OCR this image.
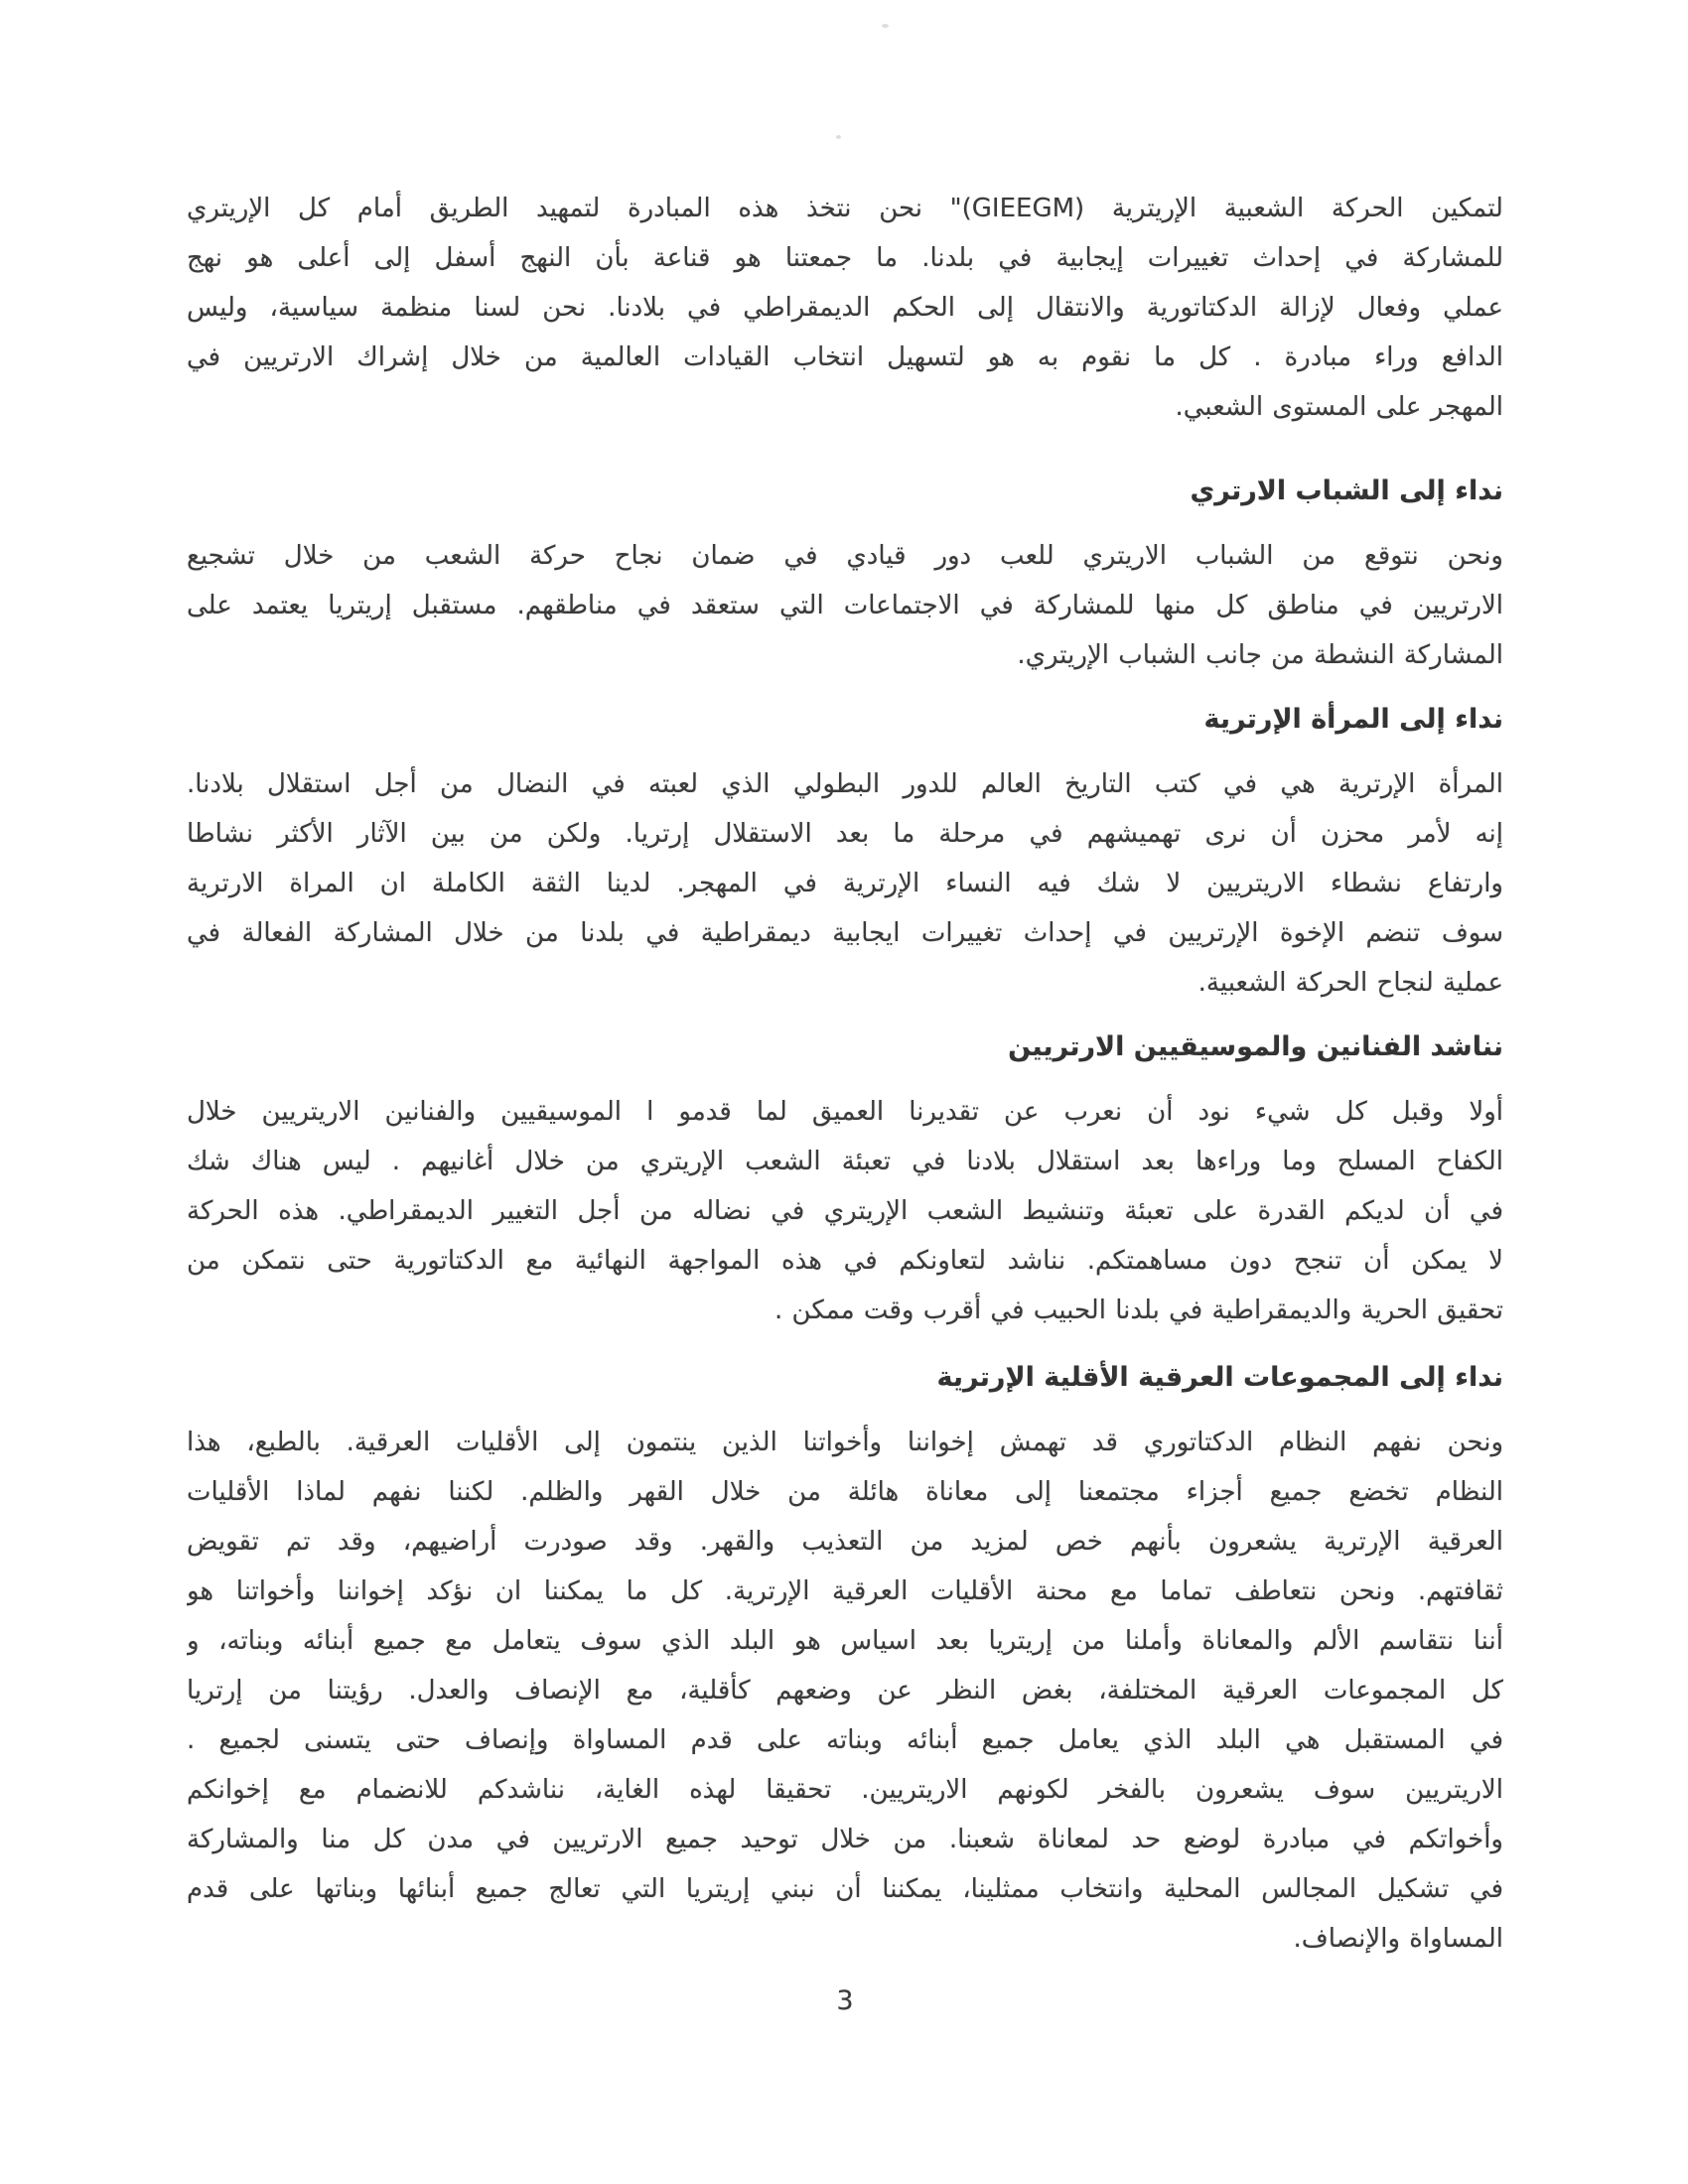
لتمكين الحركة الشعبية الإريترية (GIEEGM)" نحن نتخذ هذه المبادرة لتمهيد الطريق أمام كل الإريتري
للمشاركة في إحداث تغييرات إيجابية في بلدنا. ما جمعتنا هو قناعة بأن النهج أسفل إلى أعلى هو نهج
عملي وفعال لإزالة الدكتاتورية والانتقال إلى الحكم الديمقراطي في بلادنا. نحن لسنا منظمة سياسية، وليس
الدافع وراء مبادرة . كل ما نقوم به هو لتسهيل انتخاب القيادات العالمية من خلال إشراك الارتريين في
المهجر على المستوى الشعبي.
نداء إلى الشباب الارتري
ونحن نتوقع من الشباب الاريتري للعب دور قيادي في ضمان نجاح حركة الشعب من خلال تشجيع
الارتريين في مناطق كل منها للمشاركة في الاجتماعات التي ستعقد في مناطقهم. مستقبل إريتريا يعتمد على
المشاركة النشطة من جانب الشباب الإريتري.
نداء إلى المرأة الإرترية
المرأة الإرترية هي في كتب التاريخ العالم للدور البطولي الذي لعبته في النضال من أجل استقلال بلادنا.
إنه لأمر محزن أن نرى تهميشهم في مرحلة ما بعد الاستقلال إرتريا. ولكن من بين الآثار الأكثر نشاطا
وارتفاع نشطاء الاريتريين لا شك فيه النساء الإرترية في المهجر. لدينا الثقة الكاملة ان المراة الارترية
سوف تنضم الإخوة الإرتريين في إحداث تغييرات ايجابية ديمقراطية في بلدنا من خلال المشاركة الفعالة في
عملية لنجاح الحركة الشعبية.
نناشد الفنانين والموسيقيين الارتريين
أولا وقبل كل شيء نود أن نعرب عن تقديرنا العميق لما قدمو ا الموسيقيين والفنانين الاريتريين خلال
الكفاح المسلح وما وراءها بعد استقلال بلادنا في تعبئة الشعب الإريتري من خلال أغانيهم . ليس هناك شك
في أن لديكم القدرة على تعبئة وتنشيط الشعب الإريتري في نضاله من أجل التغيير الديمقراطي. هذه الحركة
لا يمكن أن تنجح دون مساهمتكم. نناشد لتعاونكم في هذه المواجهة النهائية مع الدكتاتورية حتى نتمكن من
تحقيق الحرية والديمقراطية في بلدنا الحبيب في أقرب وقت ممكن .
نداء إلى المجموعات العرقية الأقلية الإرترية
ونحن نفهم النظام الدكتاتوري قد تهمش إخواننا وأخواتنا الذين ينتمون إلى الأقليات العرقية. بالطبع، هذا
النظام تخضع جميع أجزاء مجتمعنا إلى معاناة هائلة من خلال القهر والظلم. لكننا نفهم لماذا الأقليات
العرقية الإرترية يشعرون بأنهم خص لمزيد من التعذيب والقهر. وقد صودرت أراضيهم، وقد تم تقويض
ثقافتهم. ونحن نتعاطف تماما مع محنة الأقليات العرقية الإرترية. كل ما يمكننا ان نؤكد إخواننا وأخواتنا هو
أننا نتقاسم الألم والمعاناة وأملنا من إريتريا بعد اسياس هو البلد الذي سوف يتعامل مع جميع أبنائه وبناته، و
كل المجموعات العرقية المختلفة، بغض النظر عن وضعهم كأقلية، مع الإنصاف والعدل. رؤيتنا من إرتريا
في المستقبل هي البلد الذي يعامل جميع أبنائه وبناته على قدم المساواة وإنصاف حتى يتسنى لجميع .
الاريتريين سوف يشعرون بالفخر لكونهم الاريتريين. تحقيقا لهذه الغاية، نناشدكم للانضمام مع إخوانكم
وأخواتكم في مبادرة لوضع حد لمعاناة شعبنا. من خلال توحيد جميع الارتريين في مدن كل منا والمشاركة
في تشكيل المجالس المحلية وانتخاب ممثلينا، يمكننا أن نبني إريتريا التي تعالج جميع أبنائها وبناتها على قدم
المساواة والإنصاف.
3
